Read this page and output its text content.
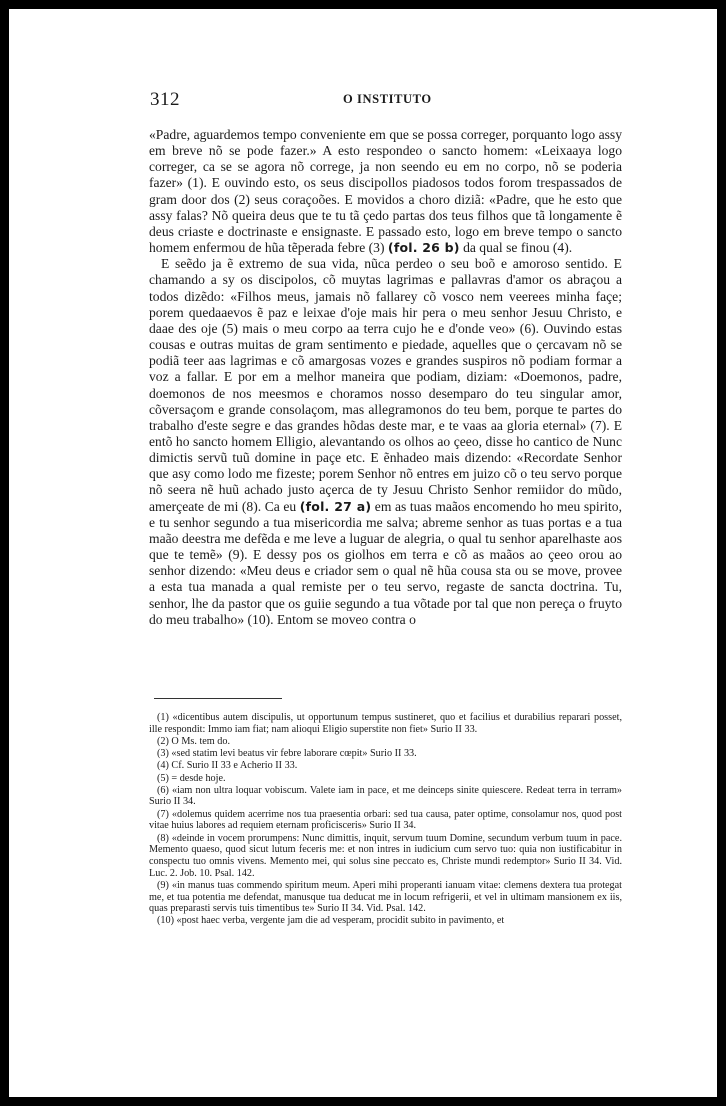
312	O INSTITUTO

«Padre, aguardemos tempo conveniente em que se possa correger, porquanto logo assy em breve nõ se pode fazer.» A esto respondeo o sancto homem: «Leixaaya logo correger, ca se se agora nõ correge, ja non seendo eu em no corpo, nõ se poderia fazer» (1). E ouvindo esto, os seus discipollos piadosos todos forom trespassados de gram door dos (2) seus coraçoões. E movidos a choro diziã: «Padre, que he esto que assy falas? Nõ queira deus que te tu tã çedo partas dos teus filhos que tã longamente ẽ deus criaste e doctrinaste e ensignaste. E passado esto, logo em breve tempo o sancto homem enfermou de hũa tẽperada febre (3) (fol. 26 b) da qual se finou (4).

E seẽdo ja ẽ extremo de sua vida, nũca perdeo o seu boõ e amoroso sentido. E chamando a sy os discipolos, cõ muytas lagrimas e pallavras d'amor os abraçou a todos dizẽdo: «Filhos meus, jamais nõ fallarey cõ vosco nem veerees minha façe; porem quedaaevos ẽ paz e leixae d'oje mais hir pera o meu senhor Jesuu Christo, e daae des oje (5) mais o meu corpo aa terra cujo he e d'onde veo» (6). Ouvindo estas cousas e outras muitas de gram sentimento e piedade, aquelles que o çercavam nõ se podiã teer aas lagrimas e cõ amargosas vozes e grandes suspiros nõ podiam formar a voz a fallar. E por em a melhor maneira que podiam, diziam: «Doemonos, padre, doemonos de nos meesmos e choramos nosso desemparo do teu singular amor, cõversaçom e grande consolaçom, mas allegramonos do teu bem, porque te partes do trabalho d'este segre e das grandes hõdas deste mar, e te vaas aa gloria eternal» (7). E entõ ho sancto homem Elligio, alevantando os olhos ao çeeo, disse ho cantico de Nunc dimictis servũ tuũ domine in paçe etc. E ẽnhadeo mais dizendo: «Recordate Senhor que asy como lodo me fizeste; porem Senhor nõ entres em juizo cõ o teu servo porque nõ seera nẽ huũ achado justo açerca de ty Jesuu Christo Senhor remiidor do mũdo, amerçeate de mi (8). Ca eu (fol. 27 a) em as tuas maãos encomendo ho meu spirito, e tu senhor segundo a tua misericordia me salva; abreme senhor as tuas portas e a tua maão deestra me defẽda e me leve a luguar de alegria, o qual tu senhor aparelhaste aos que te temẽ» (9). E dessy pos os giolhos em terra e cõ as maãos ao çeeo orou ao senhor dizendo: «Meu deus e criador sem o qual nẽ hũa cousa sta ou se move, provee a esta tua manada a qual remiste per o teu servo, regaste de sancta doctrina. Tu, senhor, lhe da pastor que os guiie segundo a tua võtade por tal que non pereça o fruyto do meu trabalho» (10). Entom se moveo contra o

(1) «dicentibus autem discipulis, ut opportunum tempus sustineret, quo et facilius et durabilius reparari posset, ille respondit: Immo iam fiat; nam alioqui Eligio superstite non fiet» Surio II 33.
(2) O Ms. tem do.
(3) «sed statim levi beatus vir febre laborare cœpit» Surio II 33.
(4) Cf. Surio II 33 e Acherio II 33.
(5) = desde hoje.
(6) «iam non ultra loquar vobiscum. Valete iam in pace, et me deinceps sinite quiescere. Redeat terra in terram» Surio II 34.
(7) «dolemus quidem acerrime nos tua praesentia orbari: sed tua causa, pater optime, consolamur nos, quod post vitae huius labores ad requiem eternam proficisceris» Surio II 34.
(8) «deinde in vocem prorumpens: Nunc dimittis, inquit, servum tuum Domine, secundum verbum tuum in pace. Memento quaeso, quod sicut lutum feceris me: et non intres in iudicium cum servo tuo: quia non iustificabitur in conspectu tuo omnis vivens. Memento mei, qui solus sine peccato es, Christe mundi redemptor» Surio II 34. Vid. Luc. 2. Job. 10. Psal. 142.
(9) «in manus tuas commendo spiritum meum. Aperi mihi properanti ianuam vitae: clemens dextera tua protegat me, et tua potentia me defendat, manusque tua deducat me in locum refrigerii, et vel in ultimam mansionem ex iis, quas preparasti servis tuis timentibus te» Surio II 34. Vid. Psal. 142.
(10) «post haec verba, vergente jam die ad vesperam, procidit subito in pavimento, et
